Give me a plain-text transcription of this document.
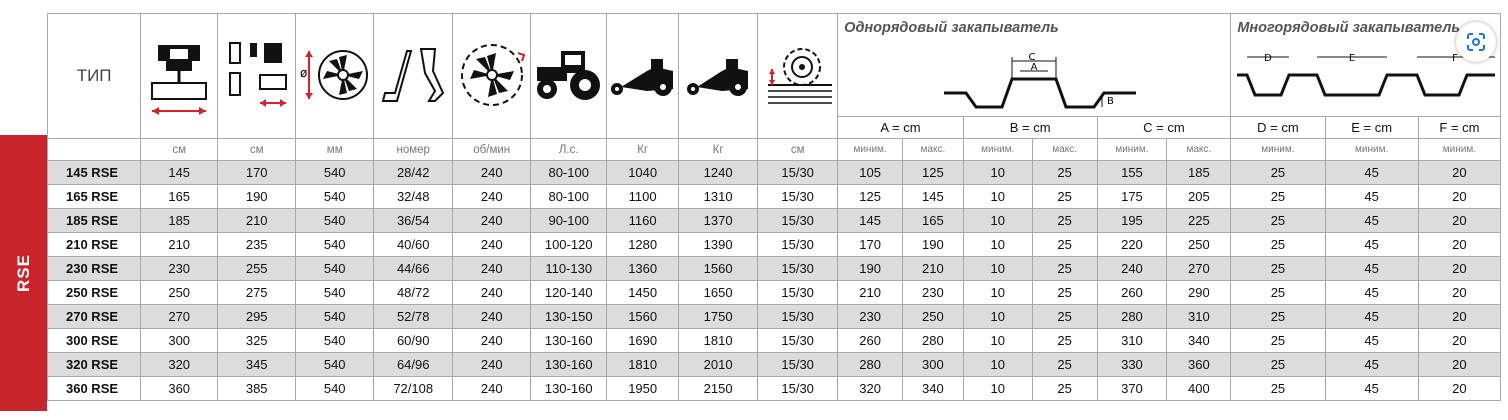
RSE
ТИП			ø							Однорядовый закапыватель						Многорядовый закапыватель		

C
A
B						D E F		

										A = cm		B = cm		C = cm		D = cm	E = cm	F = cm
	см	см	мм	номер	об/мин	Л.с.	Кг	Кг	см	миним.	макс.	миним.	макс.	миним.	макс.	миним.	миним.	миним.
145 RSE	145	170	540	28/42	240	80-100	1040	1240	15/30	105	125	10	25	155	185	25	45	20
165 RSE	165	190	540	32/48	240	80-100	1100	1310	15/30	125	145	10	25	175	205	25	45	20
185 RSE	185	210	540	36/54	240	90-100	1160	1370	15/30	145	165	10	25	195	225	25	45	20
210 RSE	210	235	540	40/60	240	100-120	1280	1390	15/30	170	190	10	25	220	250	25	45	20
230 RSE	230	255	540	44/66	240	110-130	1360	1560	15/30	190	210	10	25	240	270	25	45	20
250 RSE	250	275	540	48/72	240	120-140	1450	1650	15/30	210	230	10	25	260	290	25	45	20
270 RSE	270	295	540	52/78	240	130-150	1560	1750	15/30	230	250	10	25	280	310	25	45	20
300 RSE	300	325	540	60/90	240	130-160	1690	1810	15/30	260	280	10	25	310	340	25	45	20
320 RSE	320	345	540	64/96	240	130-160	1810	2010	15/30	280	300	10	25	330	360	25	45	20
360 RSE	360	385	540	72/108	240	130-160	1950	2150	15/30	320	340	10	25	370	400	25	45	20
